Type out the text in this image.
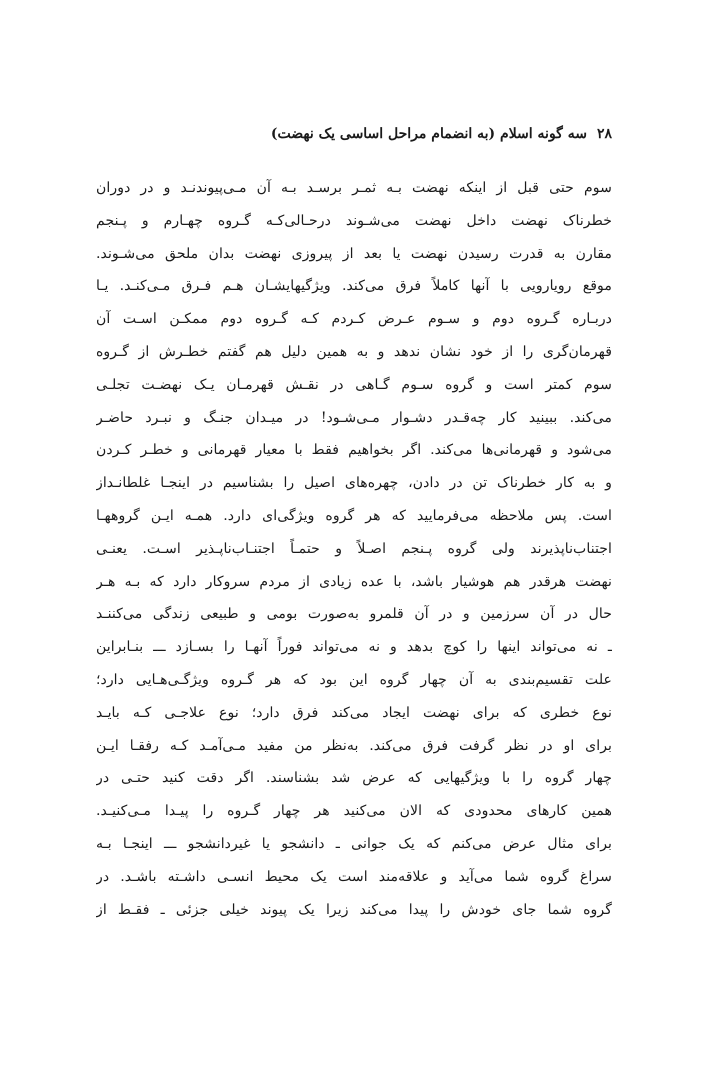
۲۸
سه گونه اسلام (به انضمام مراحل اساسی یک نهضت)
سوم حتی قبل از اینکه نهضت بـه ثمـر برسـد بـه آن مـی‌پیوندنـد و در دوران
خطرناک نهضت داخل نهضت می‌شـوند درحـالی‌کـه گـروه چهـارم و پـنجم
مقارن به قدرت رسیدن نهضت یا بعد از پیروزی نهضت بدان ملحق می‌شـوند.
موقع رویارویی با آنها کاملاً فرق می‌کند. ویژگیهایشـان هـم فـرق مـی‌کنـد. یـا
دربـاره گـروه دوم و سـوم عـرض کـردم کـه گـروه دوم ممکـن اسـت آن
قهرمان‌گری را از خود نشان ندهد و به همین دلیل هم گفتم خطـرش از گـروه
سوم کمتر است و گروه سـوم گـاهی در نقـش قهرمـان یـک نهضـت تجلـی
می‌کند. ببینید کار چه‌قـدر دشـوار مـی‌شـود! در میـدان جنـگ و نبـرد حاضـر
می‌شود و قهرمانی‌ها می‌کند. اگر بخواهیم فقط با معیار قهرمانی و خطـر کـردن
و به کار خطرناک تن در دادن، چهره‌های اصیل را بشناسیم در اینجـا غلطانـداز
است. پس ملاحظه می‌فرمایید که هر گروه ویژگی‌ای دارد. همـه ایـن گروههـا
اجتناب‌ناپذیرند ولی گروه پـنجم اصـلاً و حتمـاً اجتنـاب‌ناپـذیر اسـت. یعنـی
نهضت هرقدر هم هوشیار باشد، با عده زیادی از مردم سروکار دارد که بـه هـر
حال در آن سرزمین و در آن قلمرو به‌صورت بومی و طبیعی زندگی می‌کننـد
ـ نه می‌تواند اینها را کوچ بدهد و نه می‌تواند فوراً آنهـا را بسـازد ـــ بنـابراین
علت تقسیم‌بندی به آن چهار گروه این بود که هر گـروه ویژگـی‌هـایی دارد؛
نوع خطری که برای نهضت ایجاد می‌کند فرق دارد؛ نوع علاجـی کـه بایـد
برای او در نظر گرفت فرق می‌کند. به‌نظر من مفید مـی‌آمـد کـه رفقـا ایـن
چهار گروه را با ویژگیهایی که عرض شد بشناسند. اگر دقت کنید حتـی در
همین کارهای محدودی که الان می‌کنید هر چهار گـروه را پیـدا مـی‌کنیـد.
برای مثال عرض می‌کنم که یک جوانی ـ دانشجو یا غیردانشجو ـــ اینجـا بـه
سراغ گروه شما می‌آید و علاقه‌مند است یک محیط انسـی داشـته باشـد. در
گروه شما جای خودش را پیدا می‌کند زیرا یک پیوند خیلی جزئی ـ فقـط از
